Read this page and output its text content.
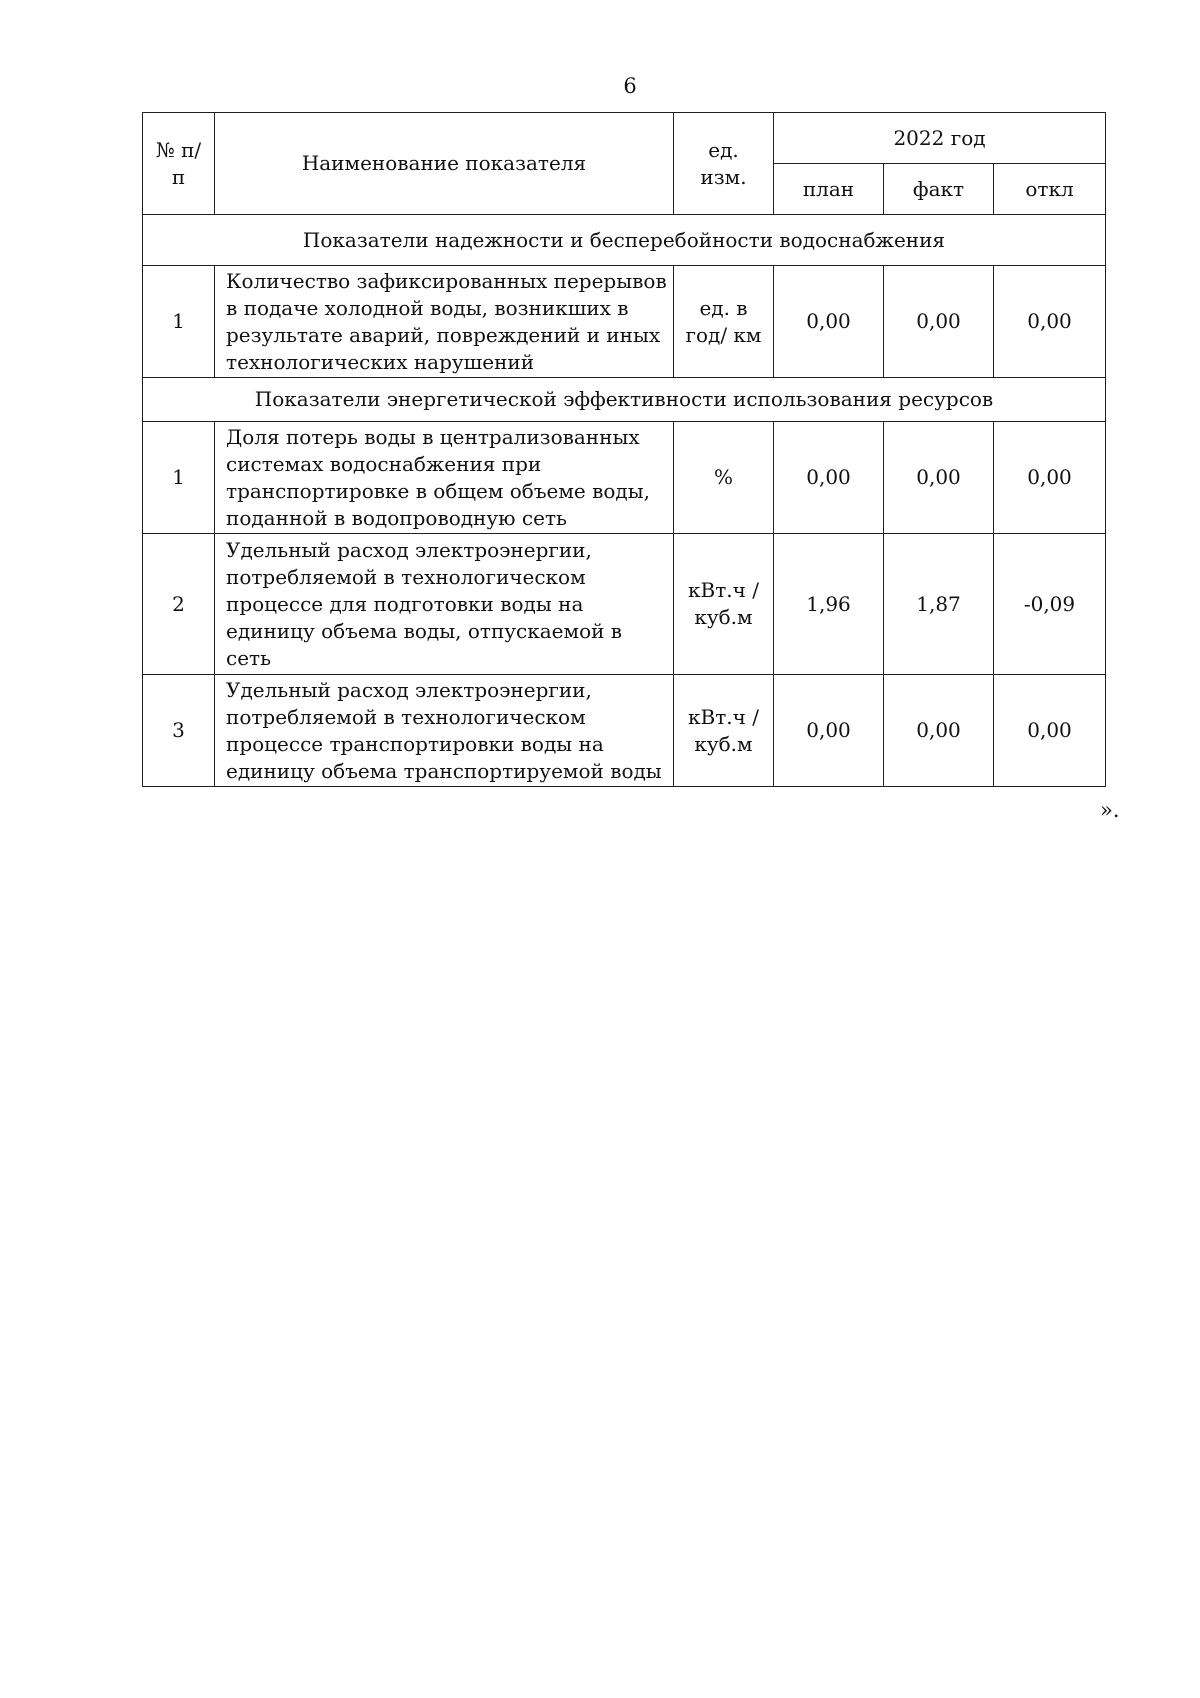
6
№ п/п	Наименование показателя	ед. изм.	2022 год		
			план	факт	откл
Показатели надежности и бесперебойности водоснабжения					
1	Количество зафиксированных перерывов в подаче холодной воды, возникших в результате аварий, повреждений и иных технологических нарушений	ед. в год/ км	0,00	0,00	0,00
Показатели энергетической эффективности использования ресурсов					
1	Доля потерь воды в централизованных системах водоснабжения при транспортировке в общем объеме воды, поданной в водопроводную сеть	%	0,00	0,00	0,00
2	Удельный расход электроэнергии, потребляемой в технологическом процессе для подготовки воды на единицу объема воды, отпускаемой в сеть	кВт.ч / куб.м	1,96	1,87	-0,09
3	Удельный расход электроэнергии, потребляемой в технологическом процессе транспортировки воды на единицу объема транспортируемой воды	кВт.ч / куб.м	0,00	0,00	0,00
».
